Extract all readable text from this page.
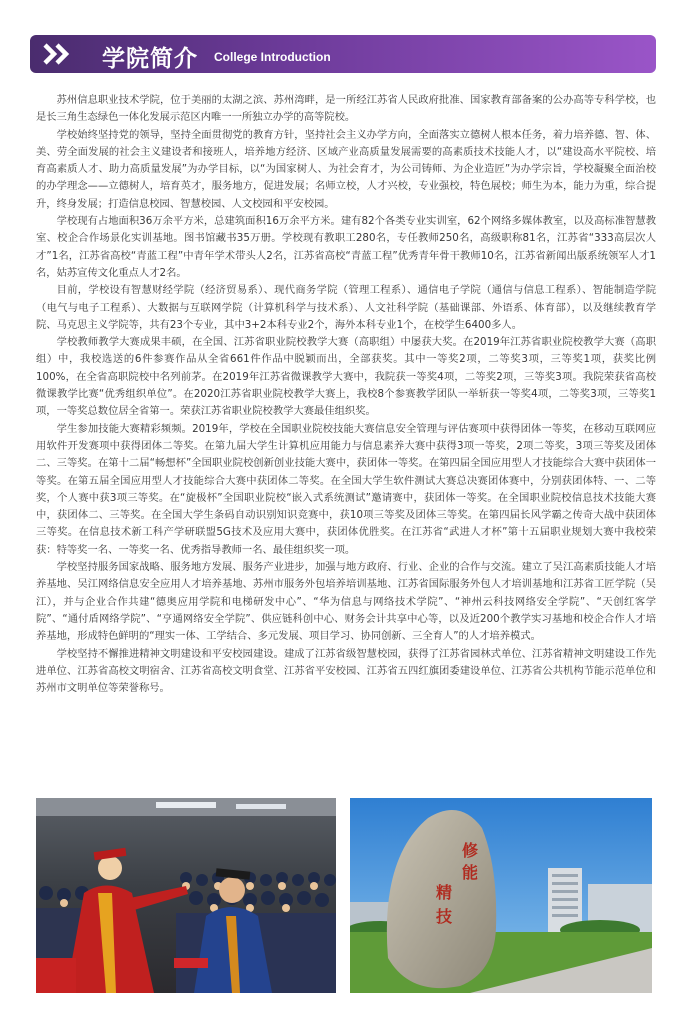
学院简介 College Introduction

苏州信息职业技术学院，位于美丽的太湖之滨、苏州湾畔，是一所经江苏省人民政府批准、国家教育部备案的公办高等专科学校，也是长三角生态绿色一体化发展示范区内唯一一所独立办学的高等院校。

学校始终坚持党的领导，坚持全面贯彻党的教育方针，坚持社会主义办学方向，全面落实立德树人根本任务，着力培养德、智、体、美、劳全面发展的社会主义建设者和接班人，培养地方经济、区域产业高质量发展需要的高素质技术技能人才，以“建设高水平院校、培育高素质人才、助力高质量发展”为办学目标，以“为国家树人、为社会育才，为公司铸师、为企业造匠”为办学宗旨，学校凝聚全面治校的办学理念——立德树人，培育英才，服务地方，促进发展；名师立校，人才兴校，专业强校，特色展校；师生为本，能力为重，综合提升，终身发展；打造信息校园、智慧校园、人文校园和平安校园。

学校现有占地面积36万余平方米，总建筑面积16万余平方米。建有82个各类专业实训室，62个网络多媒体教室，以及高标准智慧教室、校企合作场景化实训基地。图书馆藏书35万册。学校现有教职工280名，专任教师250名，高级职称81名，江苏省“333高层次人才”1名，江苏省高校“青蓝工程”中青年学术带头人2名，江苏省高校“青蓝工程”优秀青年骨干教师10名，江苏省新闻出版系统领军人才1名，姑苏宣传文化重点人才2名。

目前，学校设有智慧财经学院（经济贸易系）、现代商务学院（管理工程系）、通信电子学院（通信与信息工程系）、智能制造学院（电气与电子工程系）、大数据与互联网学院（计算机科学与技术系）、人文社科学院（基础课部、外语系、体育部），以及继续教育学院、马克思主义学院等，共有23个专业，其中3+2本科专业2个，海外本科专业1个，在校学生6400多人。

学校教师教学大赛成果丰硕，在全国、江苏省职业院校教学大赛（高职组）中屡获大奖。在2019年江苏省职业院校教学大赛（高职组）中，我校选送的6件参赛作品从全省661件作品中脱颖而出，全部获奖。其中一等奖2项，二等奖3项，三等奖1项，获奖比例100%，在全省高职院校中名列前茅。在2019年江苏省微课教学大赛中，我院获一等奖4项，二等奖2项，三等奖3项。我院荣获省高校微课教学比赛“优秀组织单位”。在2020江苏省职业院校教学大赛上，我校8个参赛教学团队一举斩获一等奖4项，二等奖3项，三等奖1项，一等奖总数位居全省第一。荣获江苏省职业院校教学大赛最佳组织奖。

学生参加技能大赛精彩频频。2019年，学校在全国职业院校技能大赛信息安全管理与评估赛项中获得团体一等奖，在移动互联网应用软件开发赛项中获得团体二等奖。在第九届大学生计算机应用能力与信息素养大赛中获得3项一等奖，2项二等奖，3项三等奖及团体二、三等奖。在第十二届“畅想杯”全国职业院校创新创业技能大赛中，获团体一等奖。在第四届全国应用型人才技能综合大赛中获团体一等奖。在第五届全国应用型人才技能综合大赛中获团体二等奖。在全国大学生软件测试大赛总决赛团体赛中，分别获团体特、一、二等奖，个人赛中获3项三等奖。在“旋极杯”全国职业院校“嵌入式系统测试”邀请赛中，获团体一等奖。在全国职业院校信息技术技能大赛中，获团体二、三等奖。在全国大学生条码自动识别知识竞赛中，获10项三等奖及团体三等奖。在第四届长风学霸之传奇大战中获团体三等奖。在信息技术新工科产学研联盟5G技术及应用大赛中，获团体优胜奖。在江苏省“武进人才杯”第十五届职业规划大赛中我校荣获：特等奖一名、一等奖一名、优秀指导教师一名、最佳组织奖一项。

学校坚持服务国家战略、服务地方发展、服务产业进步，加强与地方政府、行业、企业的合作与交流。建立了吴江高素质技能人才培养基地、吴江网络信息安全应用人才培养基地、苏州市服务外包培养培训基地、江苏省国际服务外包人才培训基地和江苏省工匠学院（吴江），并与企业合作共建“德奥应用学院和电梯研发中心”、“华为信息与网络技术学院”、“神州云科技网络安全学院”、“天创红客学院”、“通付盾网络学院”、“亨通网络安全学院”、供应链科创中心、财务会计共享中心等，以及近200个教学实习基地和校企合作人才培养基地，形成特色鲜明的“理实一体、工学结合、多元发展、项目学习、协同创新、三全育人”的人才培养模式。

学校坚持不懈推进精神文明建设和平安校园建设。建成了江苏省级智慧校园，获得了江苏省园林式单位、江苏省精神文明建设工作先进单位、江苏省高校文明宿舍、江苏省高校文明食堂、江苏省平安校园、江苏省五四红旗团委建设单位、江苏省公共机构节能示范单位和苏州市文明单位等荣誉称号。

修
能
精
技
